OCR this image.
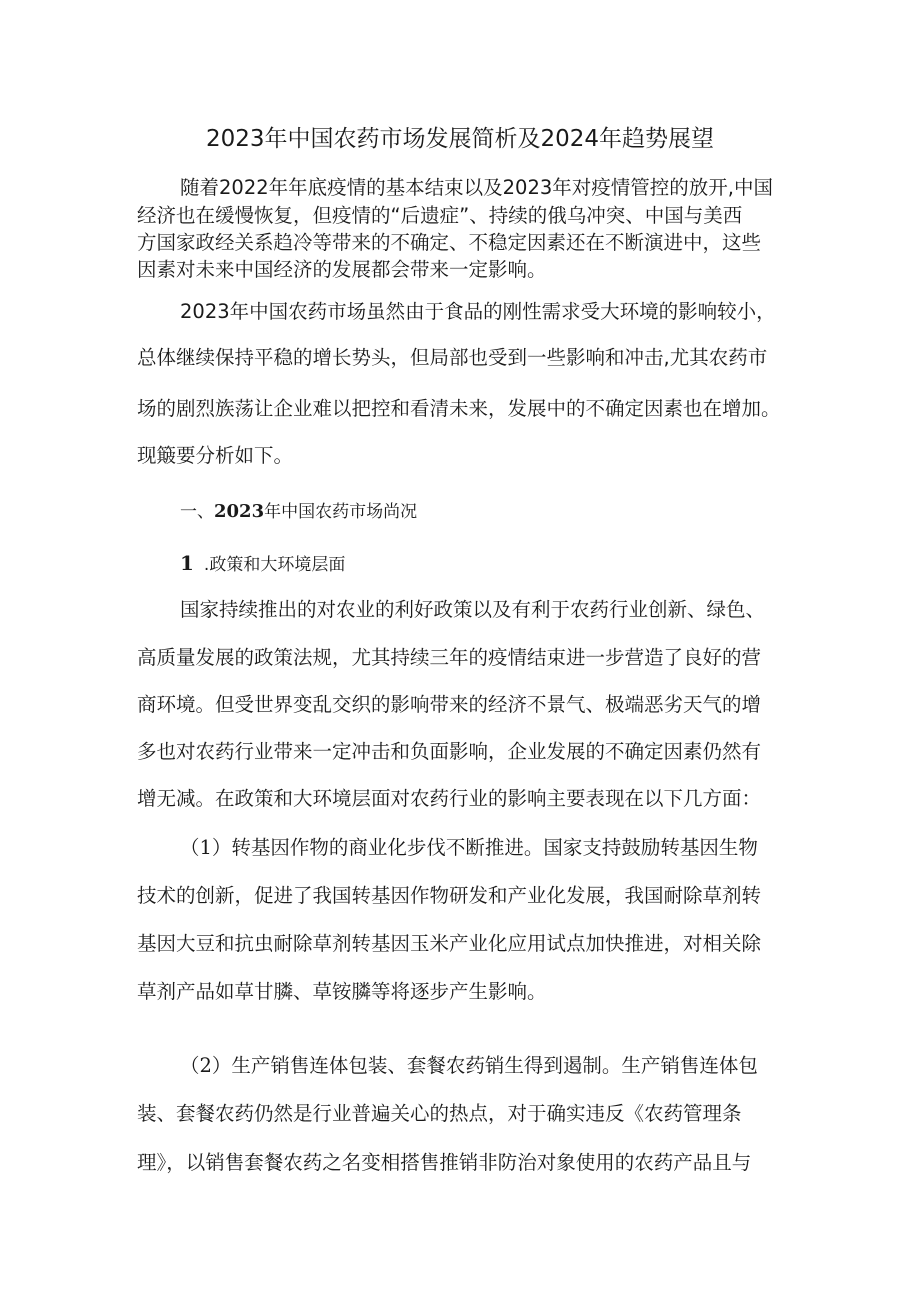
2023年中国农药市场发展简析及2024年趋势展望
随着2022年年底疫情的基本结束以及2023年对疫情管控的放开,中国
经济也在缓慢恢复，但疫情的“后遗症”、持续的俄乌冲突、中国与美西
方国家政经关系趋冷等带来的不确定、不稳定因素还在不断演进中，这些
因素对未来中国经济的发展都会带来一定影响。
2023年中国农药市场虽然由于食品的刚性需求受大环境的影响较小，
总体继续保持平稳的增长势头，但局部也受到一些影响和冲击,尤其农药市
场的剧烈族荡让企业难以把控和看清未来，发展中的不确定因素也在增加。
现簸要分析如下。
一、2023年中国农药市场尚况
1 .政策和大环境层面
国家持续推出的对农业的利好政策以及有利于农药行业创新、绿色、
高质量发展的政策法规，尤其持续三年的疫情结束进一步营造了良好的营
商环境。但受世界变乱交织的影响带来的经济不景气、极端恶劣天气的增
多也对农药行业带来一定冲击和负面影响，企业发展的不确定因素仍然有
增无减。在政策和大环境层面对农药行业的影响主要表现在以下几方面：
（1）转基因作物的商业化步伐不断推进。国家支持鼓励转基因生物
技术的创新，促进了我国转基因作物研发和产业化发展，我国耐除草剂转
基因大豆和抗虫耐除草剂转基因玉米产业化应用试点加快推进，对相关除
草剂产品如草甘膦、草铵膦等将逐步产生影响。
（2）生产销售连体包装、套餐农药销生得到遏制。生产销售连体包
装、套餐农药仍然是行业普遍关心的热点，对于确实违反《农药管理条
理》，以销售套餐农药之名变相搭售推销非防治对象使用的农药产品且与
